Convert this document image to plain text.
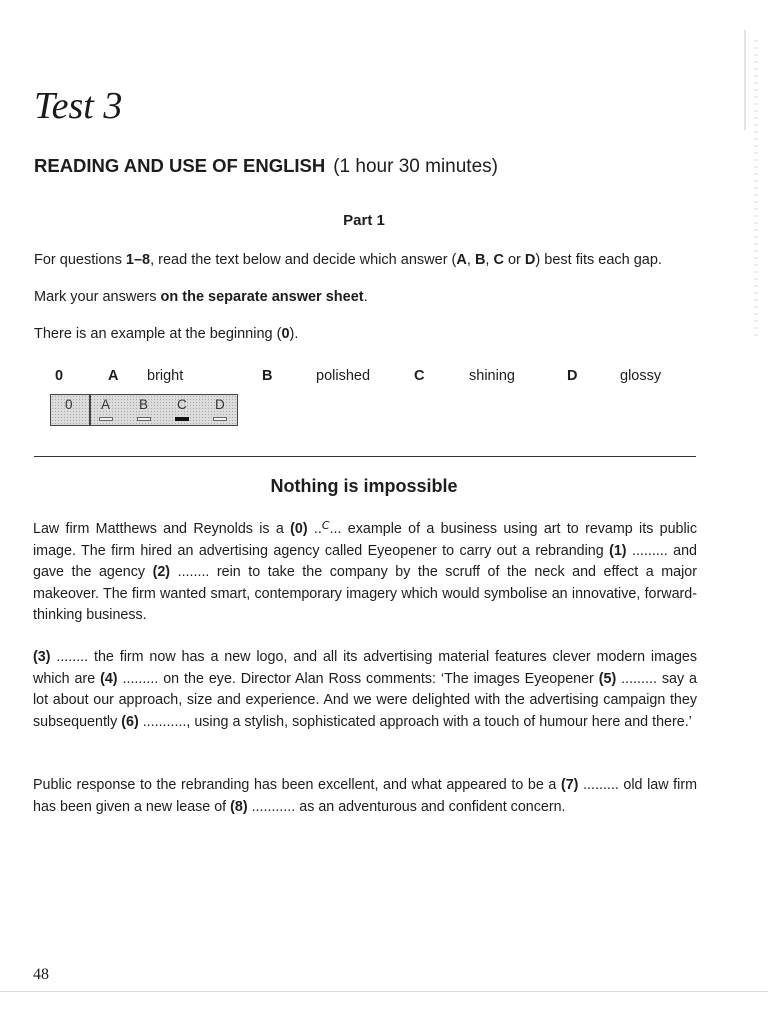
Test 3
READING AND USE OF ENGLISH (1 hour 30 minutes)
Part 1
For questions 1–8, read the text below and decide which answer (A, B, C or D) best fits each gap.
Mark your answers on the separate answer sheet.
There is an example at the beginning (0).
0	A bright	B	polished	C	shining	D	glossy
0 A B C D
Nothing is impossible
Law firm Matthews and Reynolds is a (0) ..$^C$... example of a business using art to revamp its public image. The firm hired an advertising agency called Eyeopener to carry out a rebranding (1) ......... and gave the agency (2) ........ rein to take the company by the scruff of the neck and effect a major makeover. The firm wanted smart, contemporary imagery which would symbolise an innovative, forward-thinking business.
(3) ........ the firm now has a new logo, and all its advertising material features clever modern images which are (4) ......... on the eye. Director Alan Ross comments: ‘The images Eyeopener (5) ......... say a lot about our approach, size and experience. And we were delighted with the advertising campaign they subsequently (6) ..........., using a stylish, sophisticated approach with a touch of humour here and there.’
Public response to the rebranding has been excellent, and what appeared to be a (7) ......... old law firm has been given a new lease of (8) ........... as an adventurous and confident concern.
48
